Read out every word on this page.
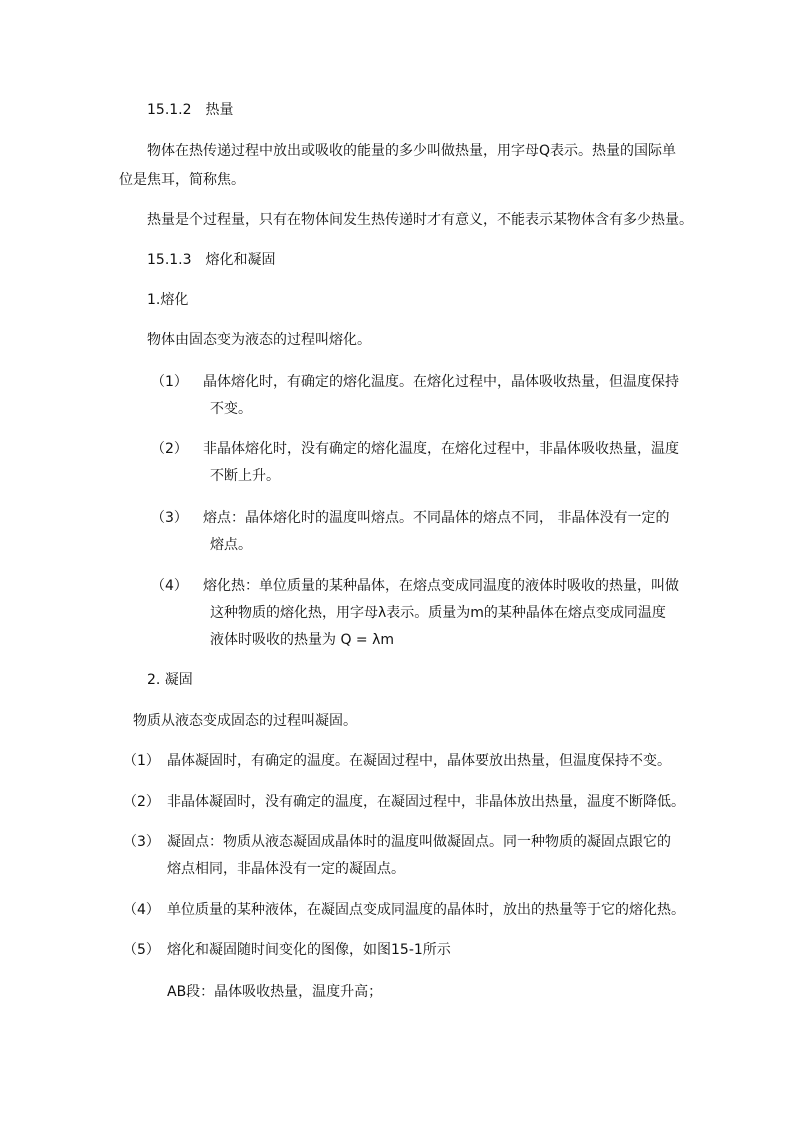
15.1.2　热量
物体在热传递过程中放出或吸收的能量的多少叫做热量，用字母Q表示。热量的国际单
位是焦耳，简称焦。
热量是个过程量，只有在物体间发生热传递时才有意义，不能表示某物体含有多少热量。
15.1.3　熔化和凝固
1.熔化
物体由固态变为液态的过程叫熔化。
（1） 晶体熔化时，有确定的熔化温度。在熔化过程中，晶体吸收热量，但温度保持
不变。
（2） 非晶体熔化时，没有确定的熔化温度，在熔化过程中，非晶体吸收热量，温度
不断上升。
（3） 熔点：晶体熔化时的温度叫熔点。不同晶体的熔点不同， 非晶体没有一定的
熔点。
（4） 熔化热：单位质量的某种晶体，在熔点变成同温度的液体时吸收的热量，叫做
这种物质的熔化热，用字母λ表示。质量为m的某种晶体在熔点变成同温度
液体时吸收的热量为 Q = λm
2. 凝固
物质从液态变成固态的过程叫凝固。
（1） 晶体凝固时，有确定的温度。在凝固过程中，晶体要放出热量，但温度保持不变。
（2） 非晶体凝固时，没有确定的温度，在凝固过程中，非晶体放出热量，温度不断降低。
（3） 凝固点：物质从液态凝固成晶体时的温度叫做凝固点。同一种物质的凝固点跟它的
熔点相同，非晶体没有一定的凝固点。
（4） 单位质量的某种液体，在凝固点变成同温度的晶体时，放出的热量等于它的熔化热。
（5） 熔化和凝固随时间变化的图像，如图15-1所示
AB段：晶体吸收热量，温度升高；
